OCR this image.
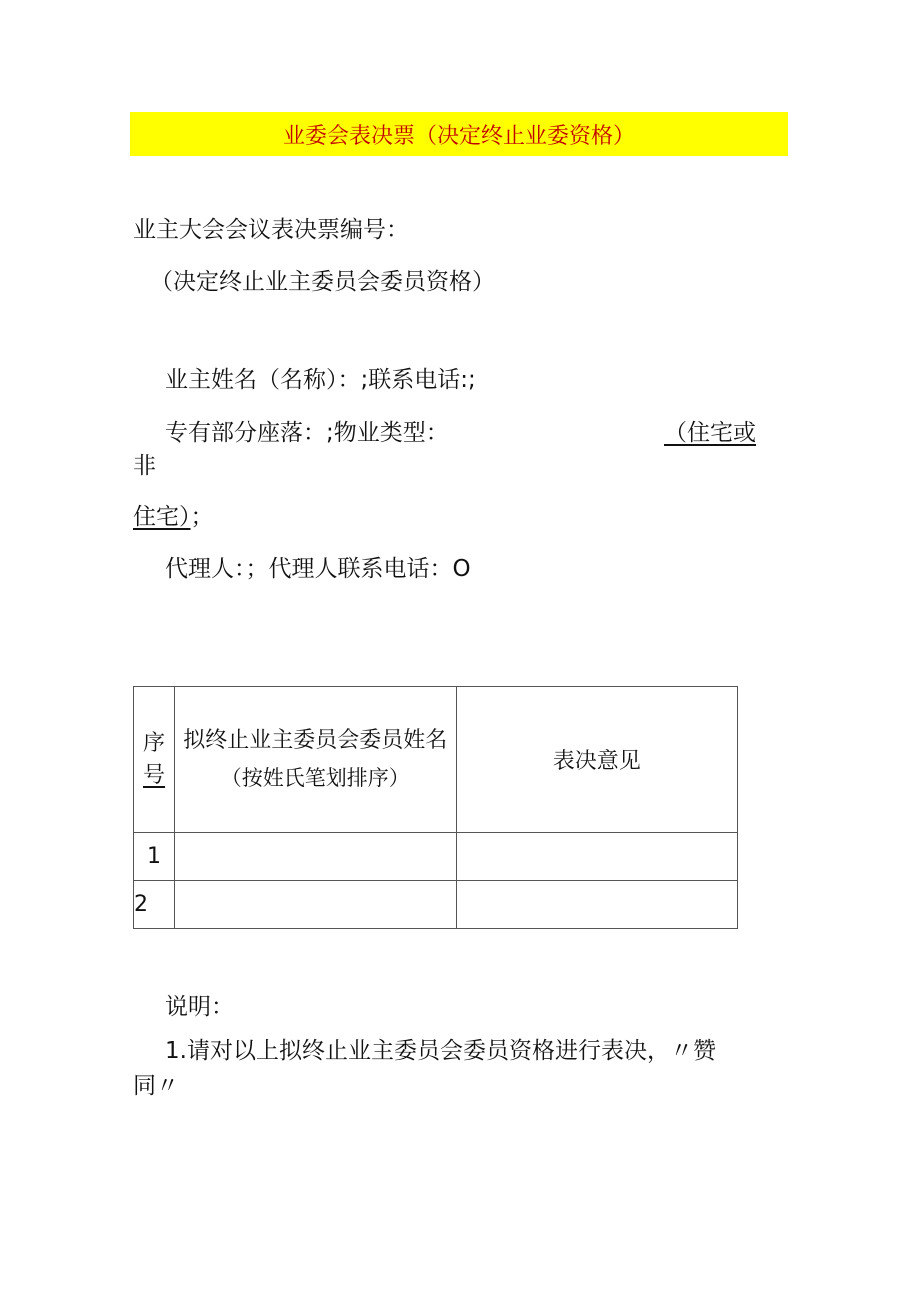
业委会表决票（决定终止业委资格）
业主大会会议表决票编号：
（决定终止业主委员会委员资格）
业主姓名（名称）：;联系电话:;
专有部分座落：;物业类型：	（住宅或
非
住宅）；
代理人：；代理人联系电话：O
序
号	拟终止业主委员会委员姓名
（按姓氏笔划排序）	表决意见
1		
2		
说明：
1.请对以上拟终止业主委员会委员资格进行表决，〃赞
同〃
